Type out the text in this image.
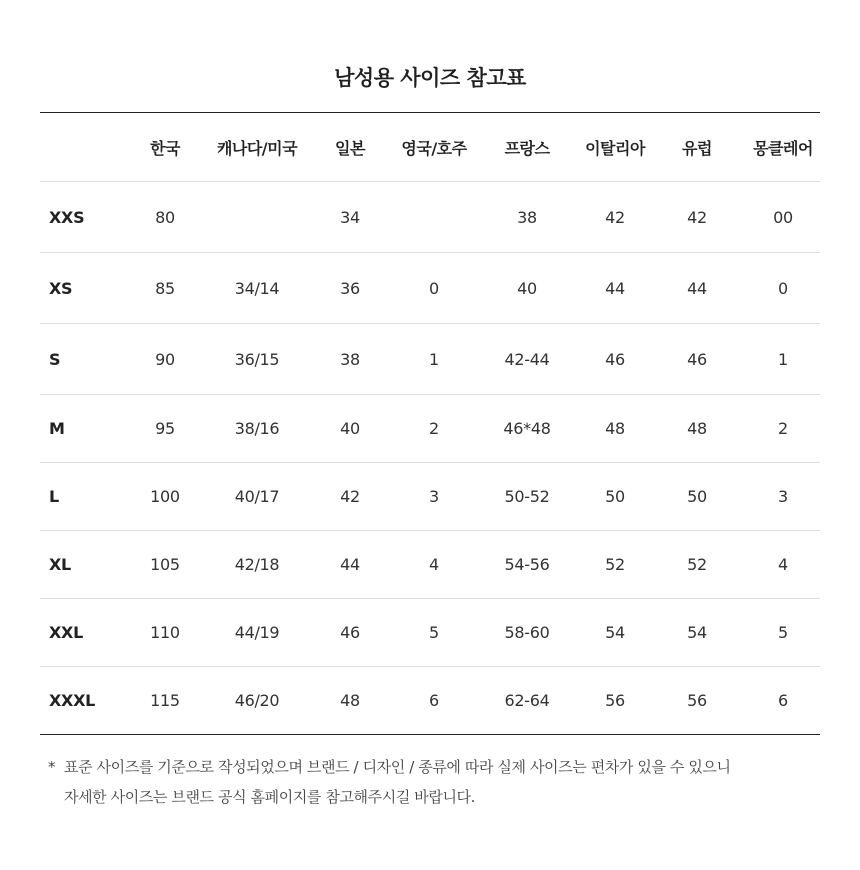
남성용 사이즈 참고표
	한국	캐나다/미국	일본	영국/호주	프랑스	이탈리아	유럽	몽클레어
XXS	80		34		38	42	42	00
XS	85	34/14	36	0	40	44	44	0
S	90	36/15	38	1	42-44	46	46	1
M	95	38/16	40	2	46*48	48	48	2
L	100	40/17	42	3	50-52	50	50	3
XL	105	42/18	44	4	54-56	52	52	4
XXL	110	44/19	46	5	58-60	54	54	5
XXXL	115	46/20	48	6	62-64	56	56	6
* 표준 사이즈를 기준으로 작성되었으며 브랜드 / 디자인 / 종류에 따라 실제 사이즈는 편차가 있을 수 있으니
자세한 사이즈는 브랜드 공식 홈페이지를 참고해주시길 바랍니다.
